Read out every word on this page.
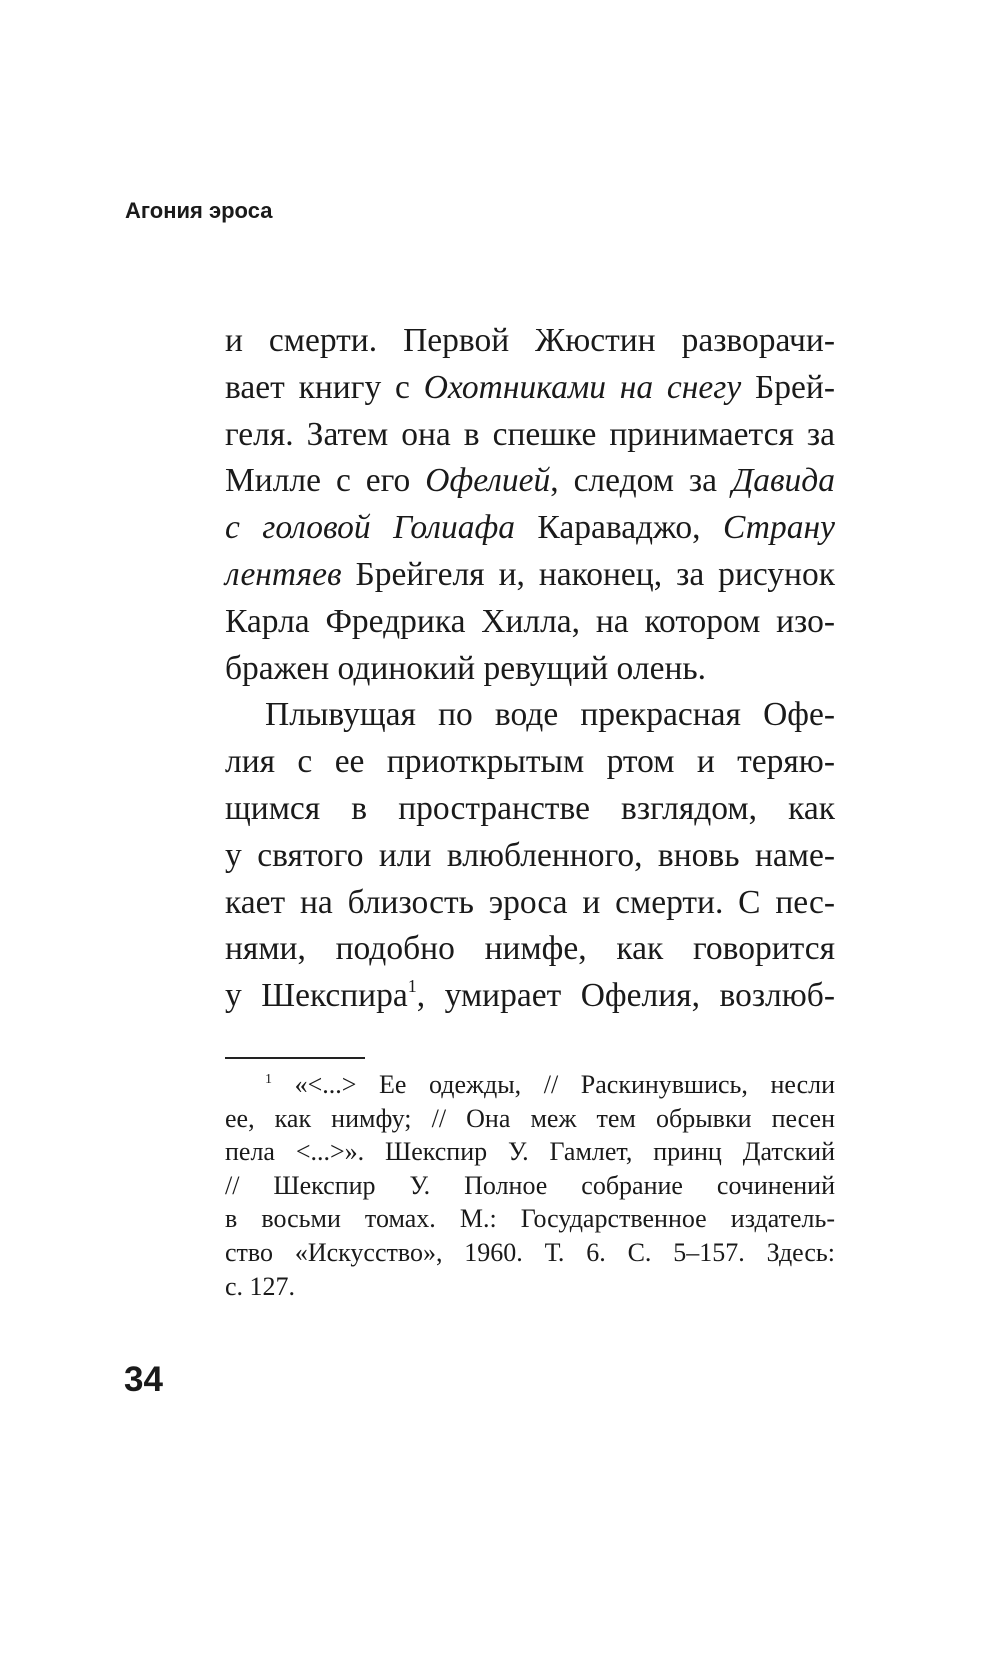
Агония эроса
и смерти. Первой Жюстин разворачи-
вает книгу с Охотниками на снегу Брей-
геля. Затем она в спешке принимается за
Милле с его Офелией, следом за Давида
с головой Голиафа Караваджо, Страну
лентяев Брейгеля и, наконец, за рисунок
Карла Фредрика Хилла, на котором изо-
бражен одинокий ревущий олень.
Плывущая по воде прекрасная Офе-
лия с ее приоткрытым ртом и теряю-
щимся в пространстве взглядом, как
у святого или влюбленного, вновь наме-
кает на близость эроса и смерти. С пес-
нями, подобно нимфе, как говорится
у Шекспира$^1$, умирает Офелия, возлюб-
$^1$ «<...> Ее одежды, // Раскинувшись, несли
ее, как нимфу; // Она меж тем обрывки песен
пела <...>». Шекспир У. Гамлет, принц Датский
// Шекспир У. Полное собрание сочинений
в восьми томах. М.: Государственное издатель-
ство «Искусство», 1960. Т. 6. С. 5–157. Здесь:
с. 127.
34
